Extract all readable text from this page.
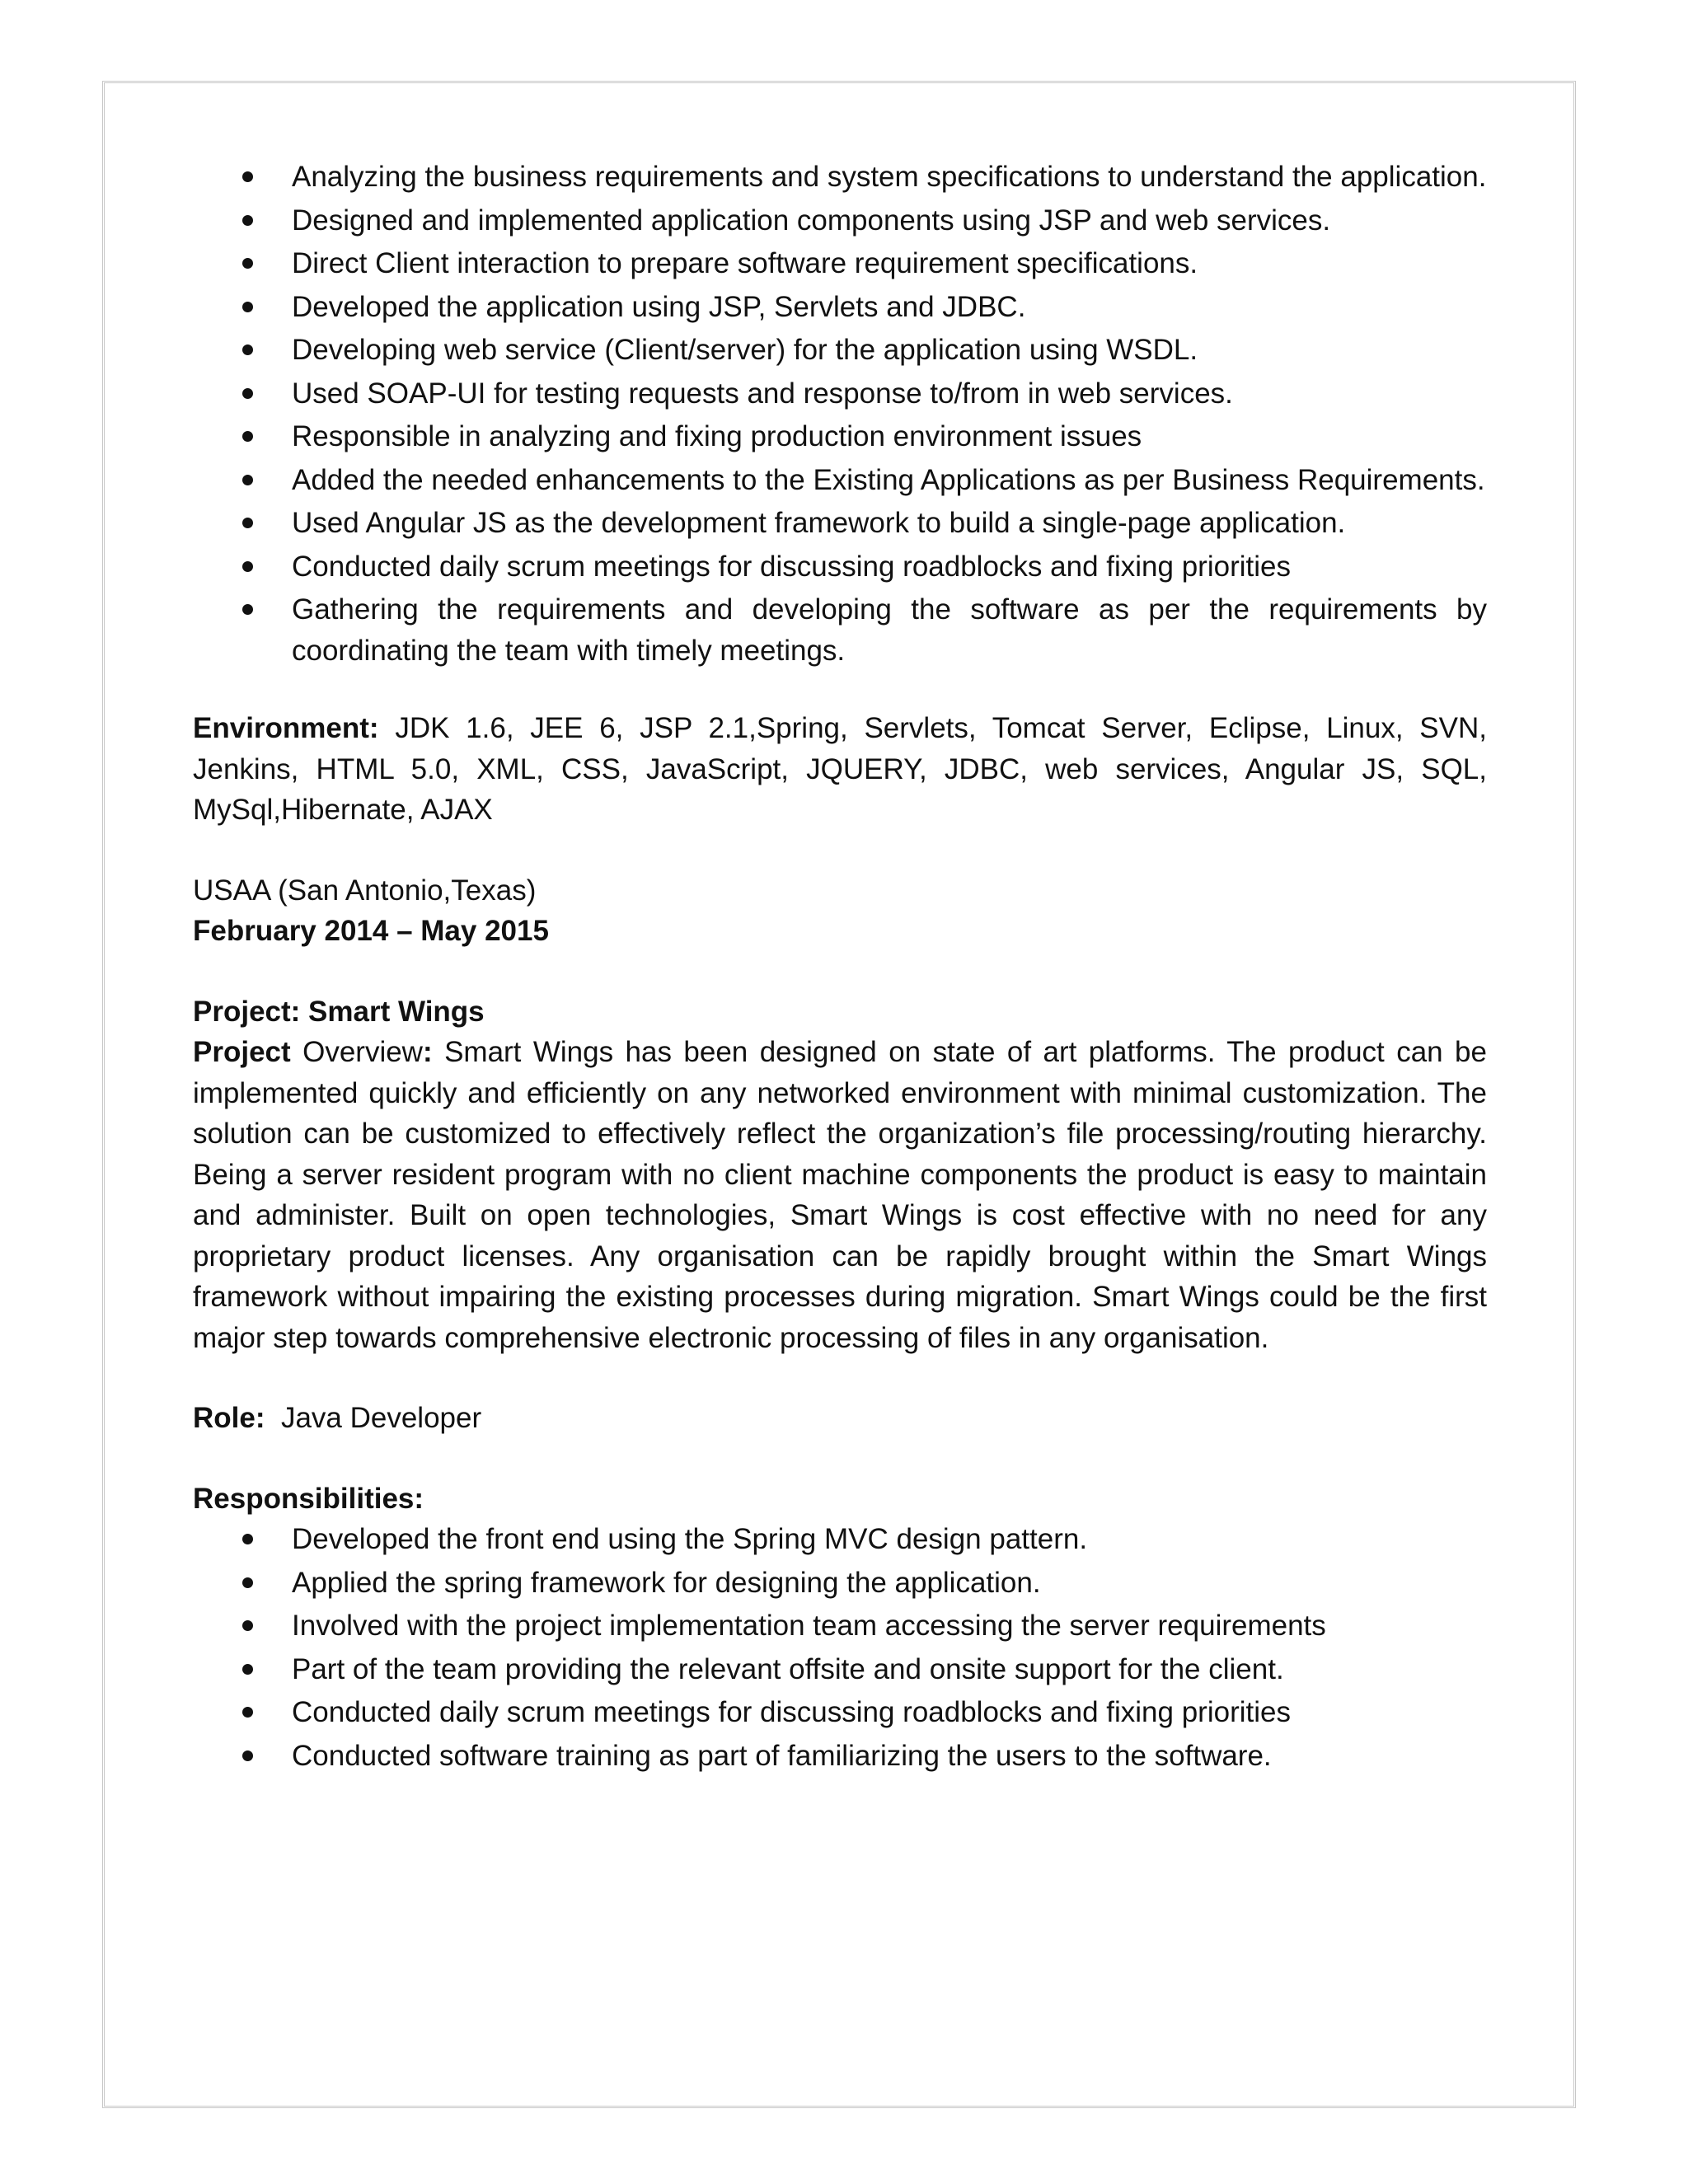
Analyzing the business requirements and system specifications to understand the application.
Designed and implemented application components using JSP and web services.
Direct Client interaction to prepare software requirement specifications.
Developed the application using JSP, Servlets and JDBC.
Developing web service (Client/server) for the application using WSDL.
Used SOAP-UI for testing requests and response to/from in web services.
Responsible in analyzing and fixing production environment issues
Added the needed enhancements to the Existing Applications as per Business Requirements.
Used Angular JS as the development framework to build a single-page application.
Conducted daily scrum meetings for discussing roadblocks and fixing priorities
Gathering the requirements and developing the software as per the requirements by coordinating the team with timely meetings.

Environment: JDK 1.6, JEE 6, JSP 2.1,Spring, Servlets, Tomcat Server, Eclipse, Linux, SVN, Jenkins, HTML 5.0, XML, CSS, JavaScript, JQUERY, JDBC, web services, Angular JS, SQL, MySql,Hibernate, AJAX

USAA (San Antonio,Texas)

February 2014 – May 2015

Project: Smart Wings

Project Overview: Smart Wings has been designed on state of art platforms. The product can be implemented quickly and efficiently on any networked environment with minimal customization. The solution can be customized to effectively reflect the organization’s file processing/routing hierarchy. Being a server resident program with no client machine components the product is easy to maintain and administer. Built on open technologies, Smart Wings is cost effective with no need for any proprietary product licenses. Any organisation can be rapidly brought within the Smart Wings framework without impairing the existing processes during migration. Smart Wings could be the first major step towards comprehensive electronic processing of files in any organisation.

Role:  Java Developer

Responsibilities:

Developed the front end using the Spring MVC design pattern.
Applied the spring framework for designing the application.
Involved with the project implementation team accessing the server requirements
Part of the team providing the relevant offsite and onsite support for the client.
Conducted daily scrum meetings for discussing roadblocks and fixing priorities
Conducted software training as part of familiarizing the users to the software.
